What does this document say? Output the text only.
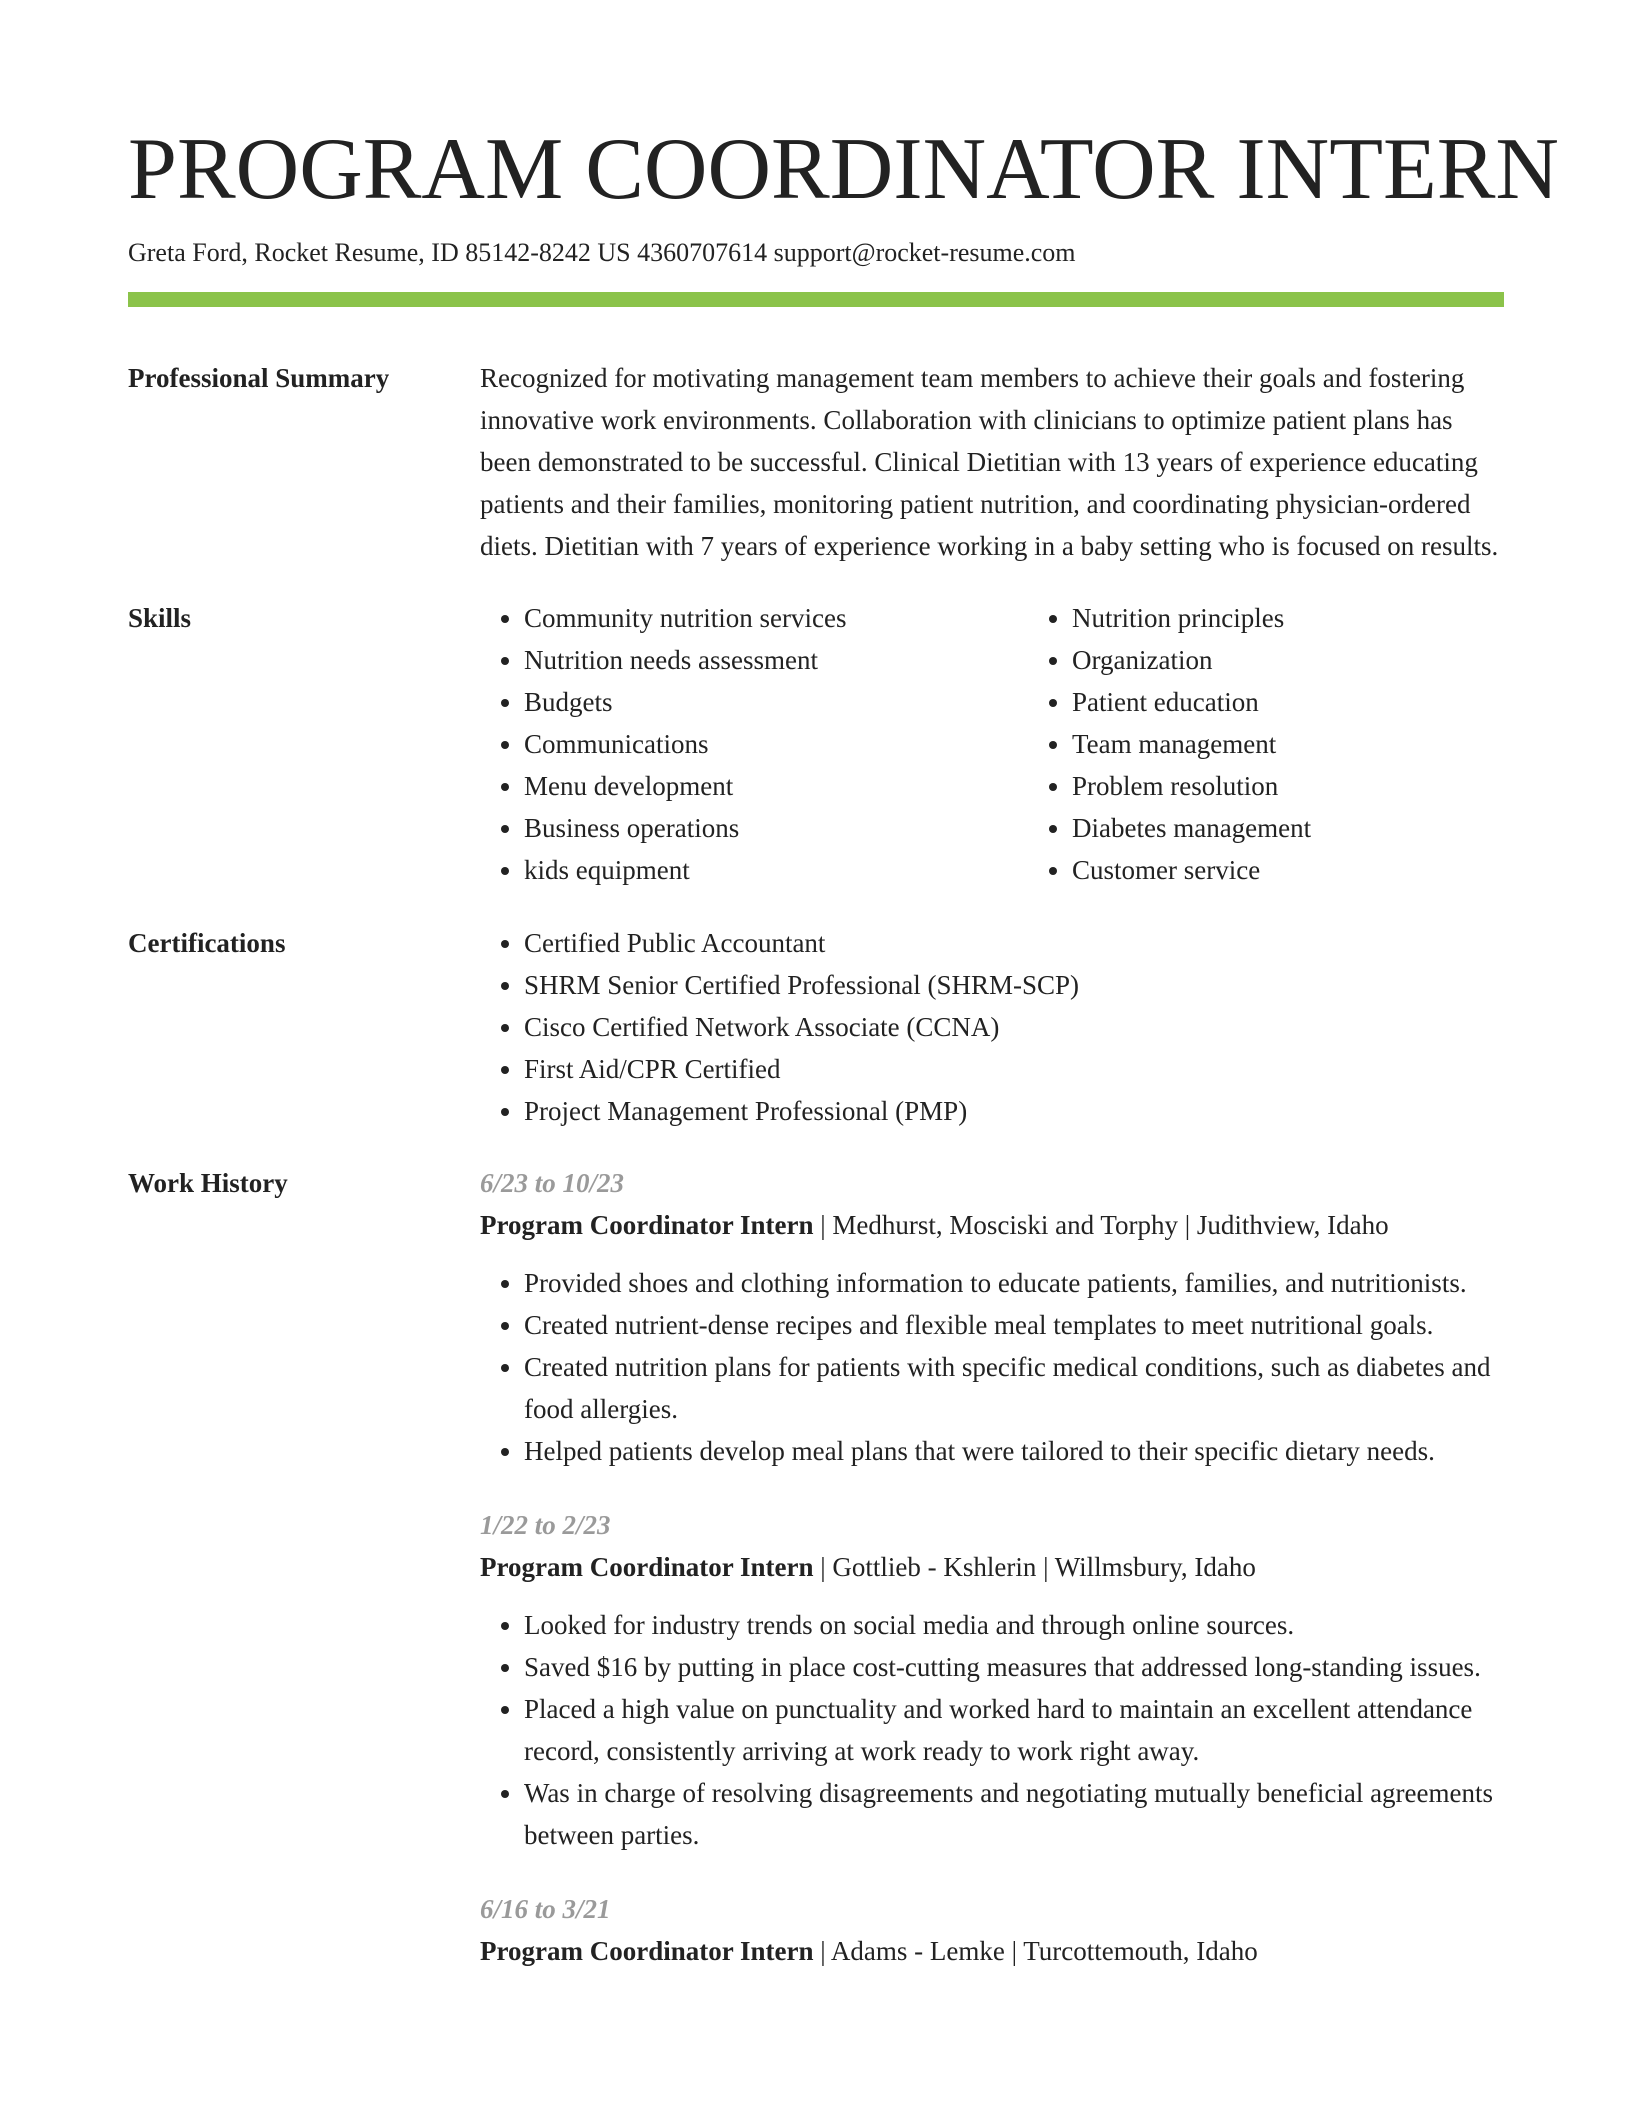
PROGRAM COORDINATOR INTERN
Greta Ford, Rocket Resume, ID 85142-8242 US 4360707614 support@rocket-resume.com
Professional Summary	Recognized for motivating management team members to achieve their goals and fostering innovative work environments. Collaboration with clinicians to optimize patient plans has been demonstrated to be successful. Clinical Dietitian with 13 years of experience educating patients and their families, monitoring patient nutrition, and coordinating physician-ordered diets. Dietitian with 7 years of experience working in a baby setting who is focused on results.

Skills	• Community nutrition services
• Nutrition needs assessment
• Budgets
• Communications
• Menu development
• Business operations
• kids equipment
• Nutrition principles
• Organization
• Patient education
• Team management
• Problem resolution
• Diabetes management
• Customer service
Certifications	• Certified Public Accountant
• SHRM Senior Certified Professional (SHRM-SCP)
• Cisco Certified Network Associate (CCNA)
• First Aid/CPR Certified
• Project Management Professional (PMP)
Work History	6/23 to 10/23
Program Coordinator Intern | Medhurst, Mosciski and Torphy | Judithview, Idaho
• Provided shoes and clothing information to educate patients, families, and nutritionists.
• Created nutrient-dense recipes and flexible meal templates to meet nutritional goals.
• Created nutrition plans for patients with specific medical conditions, such as diabetes and food allergies.
• Helped patients develop meal plans that were tailored to their specific dietary needs.
1/22 to 2/23
Program Coordinator Intern | Gottlieb - Kshlerin | Willmsbury, Idaho
• Looked for industry trends on social media and through online sources.
• Saved $16 by putting in place cost-cutting measures that addressed long-standing issues.
• Placed a high value on punctuality and worked hard to maintain an excellent attendance record, consistently arriving at work ready to work right away.
• Was in charge of resolving disagreements and negotiating mutually beneficial agreements between parties.
6/16 to 3/21
Program Coordinator Intern | Adams - Lemke | Turcottemouth, Idaho
